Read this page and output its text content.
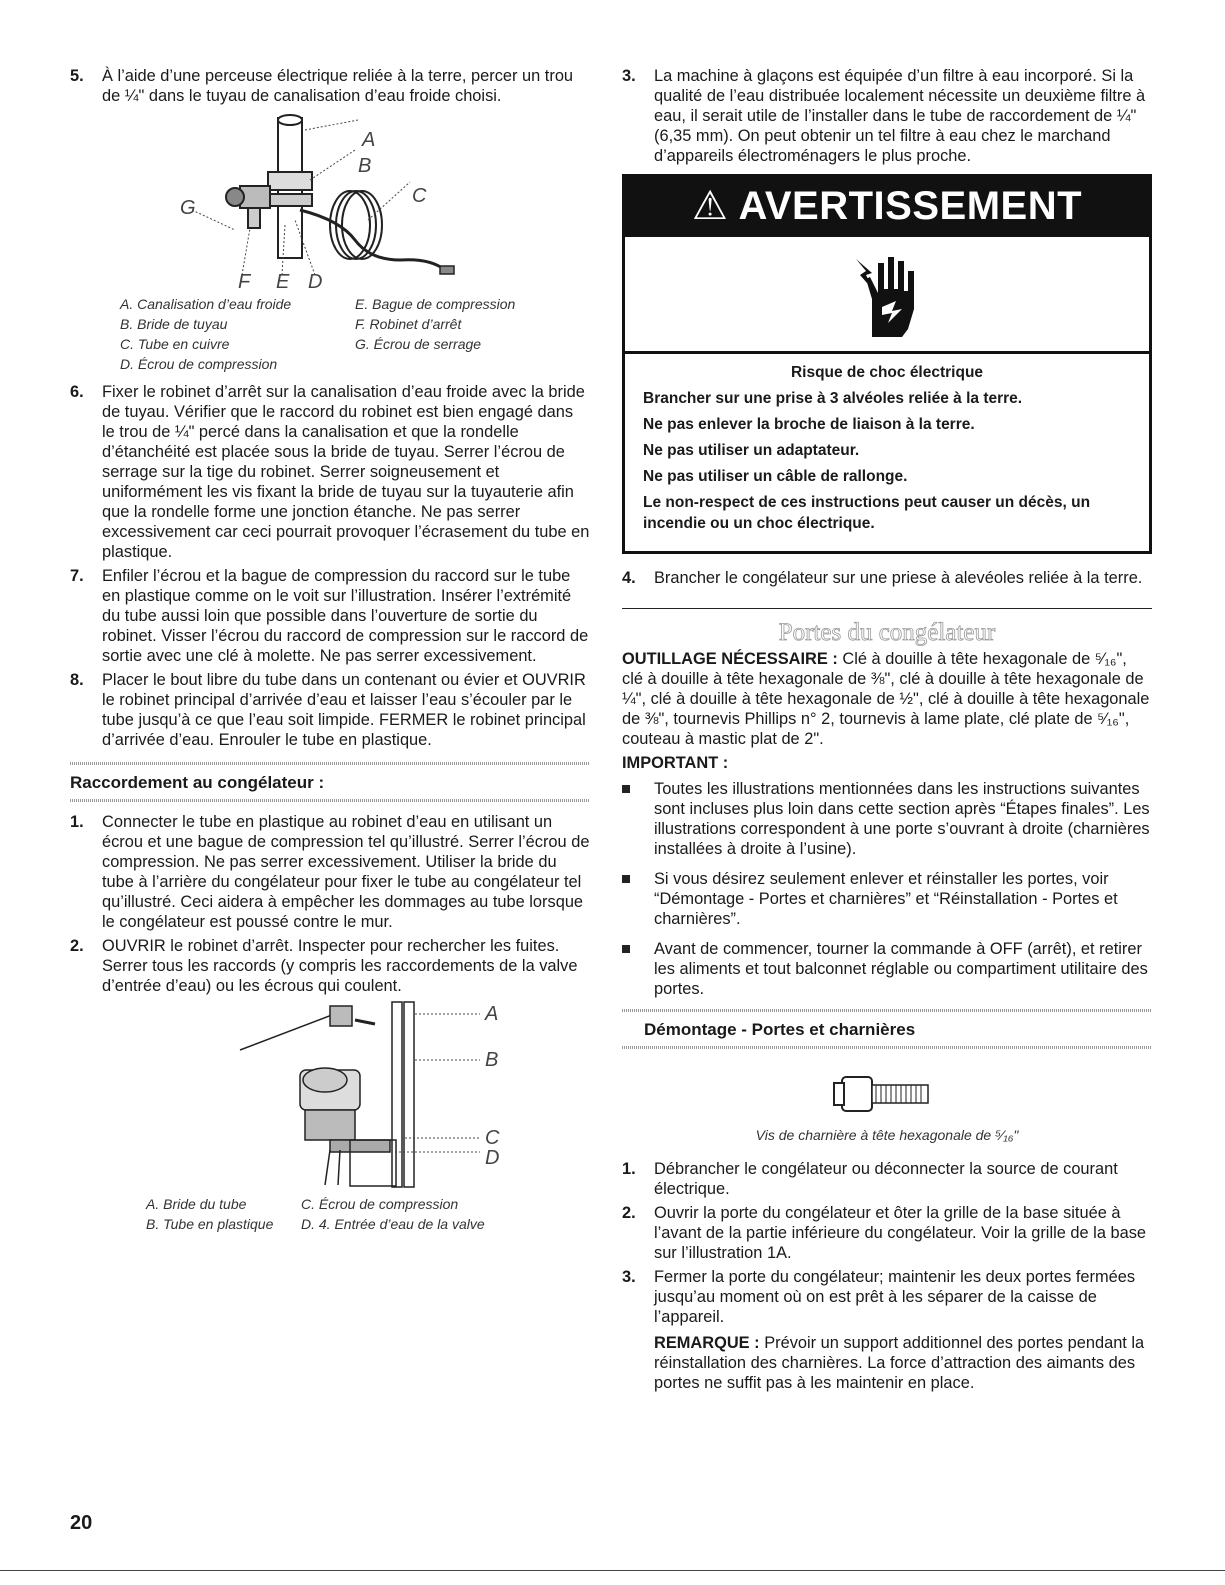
5. À l’aide d’une perceuse électrique reliée à la terre, percer un trou de ¼" dans le tuyau de canalisation d’eau froide choisi.
A
B
C
D
E
F
G
A. Canalisation d’eau froide	E. Bague de compression
B. Bride de tuyau	F. Robinet d’arrêt
C. Tube en cuivre	G. Écrou de serrage
D. Écrou de compression
6. Fixer le robinet d’arrêt sur la canalisation d’eau froide avec la bride de tuyau. Vérifier que le raccord du robinet est bien engagé dans le trou de ¼" percé dans la canalisation et que la rondelle d’étanchéité est placée sous la bride de tuyau. Serrer l’écrou de serrage sur la tige du robinet. Serrer soigneusement et uniformément les vis fixant la bride de tuyau sur la tuyauterie afin que la rondelle forme une jonction étanche. Ne pas serrer excessivement car ceci pourrait provoquer l’écrasement du tube en plastique.
7. Enfiler l’écrou et la bague de compression du raccord sur le tube en plastique comme on le voit sur l’illustration. Insérer l’extrémité du tube aussi loin que possible dans l’ouverture de sortie du robinet. Visser l’écrou du raccord de compression sur le raccord de sortie avec une clé à molette. Ne pas serrer excessivement.
8. Placer le bout libre du tube dans un contenant ou évier et OUVRIR le robinet principal d’arrivée d’eau et laisser l’eau s’écouler par le tube jusqu’à ce que l’eau soit limpide. FERMER le robinet principal d’arrivée d’eau. Enrouler le tube en plastique.
Raccordement au congélateur :
1. Connecter le tube en plastique au robinet d’eau en utilisant un écrou et une bague de compression tel qu’illustré. Serrer l’écrou de compression. Ne pas serrer excessivement. Utiliser la bride du tube à l’arrière du congélateur pour fixer le tube au congélateur tel qu’illustré. Ceci aidera à empêcher les dommages au tube lorsque le congélateur est poussé contre le mur.
2. OUVRIR le robinet d’arrêt. Inspecter pour rechercher les fuites. Serrer tous les raccords (y compris les raccordements de la valve d’entrée d’eau) ou les écrous qui coulent.
A
B
C
D
A. Bride du tube	C. Écrou de compression
B. Tube en plastique	D. 4. Entrée d’eau de la valve
3. La machine à glaçons est équipée d’un filtre à eau incorporé. Si la qualité de l’eau distribuée localement nécessite un deuxième filtre à eau, il serait utile de l’installer dans le tube de raccordement de ¼" (6,35 mm). On peut obtenir un tel filtre à eau chez le marchand d’appareils électroménagers le plus proche.
⚠ AVERTISSEMENT

Risque de choc électrique

Brancher sur une prise à 3 alvéoles reliée à la terre.

Ne pas enlever la broche de liaison à la terre.

Ne pas utiliser un adaptateur.

Ne pas utiliser un câble de rallonge.

Le non-respect de ces instructions peut causer un décès, un incendie ou un choc électrique.

4. Brancher le congélateur sur une priese à alevéoles reliée à la terre.
Portes du congélateur

OUTILLAGE NÉCESSAIRE : Clé à douille à tête hexagonale de ⁵⁄₁₆", clé à douille à tête hexagonale de ⅜", clé à douille à tête hexagonale de ¼", clé à douille à tête hexagonale de ½", clé à douille à tête hexagonale de ⅜", tournevis Phillips n° 2, tournevis à lame plate, clé plate de ⁵⁄₁₆", couteau à mastic plat de 2".

IMPORTANT :

Toutes les illustrations mentionnées dans les instructions suivantes sont incluses plus loin dans cette section après “Étapes finales”. Les illustrations correspondent à une porte s’ouvrant à droite (charnières installées à droite à l’usine).
Si vous désirez seulement enlever et réinstaller les portes, voir “Démontage - Portes et charnières” et “Réinstallation - Portes et charnières”.
Avant de commencer, tourner la commande à OFF (arrêt), et retirer les aliments et tout balconnet réglable ou compartiment utilitaire des portes.
Démontage - Portes et charnières
Vis de charnière à tête hexagonale de ⁵⁄₁₆"
1. Débrancher le congélateur ou déconnecter la source de courant électrique.
2. Ouvrir la porte du congélateur et ôter la grille de la base située à l’avant de la partie inférieure du congélateur. Voir la grille de la base sur l’illustration 1A.
3. Fermer la porte du congélateur; maintenir les deux portes fermées jusqu’au moment où on est prêt à les séparer de la caisse de l’appareil.
REMARQUE : Prévoir un support additionnel des portes pendant la réinstallation des charnières. La force d’attraction des aimants des portes ne suffit pas à les maintenir en place.
20
